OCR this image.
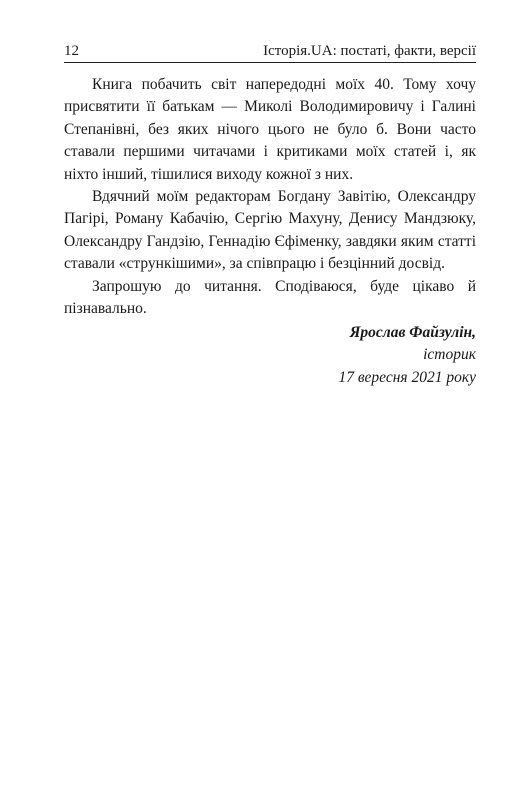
12	Історія.UA: постаті, факти, версії

Книга побачить світ напередодні моїх 40. Тому хочу присвятити її батькам — Миколі Володимировичу і Галині Степанівні, без яких нічого цього не було б. Вони часто ставали першими читачами і критиками моїх статей і, як ніхто інший, тішилися виходу кожної з них.

Вдячний моїм редакторам Богдану Завітію, Олександру Пагірі, Роману Кабачію, Сергію Махуну, Денису Мандзюку, Олександру Гандзію, Геннадію Єфіменку, завдяки яким статті ставали «стрункішими», за співпрацю і безцінний досвід.

Запрошую до читання. Сподіваюся, буде цікаво й пізнавально.

Ярослав Файзулін,
історик
17 вересня 2021 року
